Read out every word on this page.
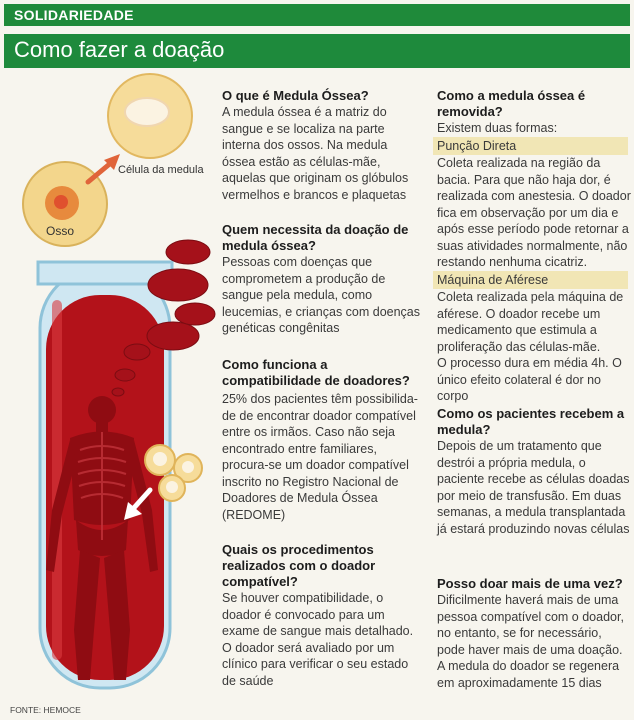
SOLIDARIEDADE
Como fazer a doação
Célula da medula
Osso
O que é Medula Óssea?
A medula óssea é a matriz do sangue e se localiza na parte interna dos ossos. Na medula óssea estão as células-mãe, aquelas que originam os glóbulos vermelhos e brancos e plaquetas
Quem necessita da doação de medula óssea?
Pessoas com doenças que comprometem a produção de sangue pela medula, como leucemias, e crianças com doenças genéticas congênitas
Como funciona a compatibilidade de doadores?
25% dos pacientes têm possibilida-de de encontrar doador compatível entre os irmãos. Caso não seja encontrado entre familiares, procura-se um doador compatível inscrito no Registro Nacional de Doadores de Medula Óssea (REDOME)
Quais os procedimentos realizados com o doador compatível?
Se houver compatibilidade, o doador é convocado para um exame de sangue mais detalhado.
O doador será avaliado por um clínico para verificar o seu estado de saúde
Como a medula óssea é removida?
Existem duas formas:
Punção Direta
Coleta realizada na região da bacia. Para que não haja dor, é realizada com anestesia. O doador fica em observação por um dia e após esse período pode retornar a suas atividades normalmente, não restando nenhuma cicatriz.
Máquina de Aférese
Coleta realizada pela máquina de aférese. O doador recebe um medicamento que estimula a proliferação das células-mãe.
O processo dura em média 4h. O único efeito colateral é dor no corpo
Como os pacientes recebem a medula?
Depois de um tratamento que destrói a própria medula, o paciente recebe as células doadas por meio de transfusão. Em duas semanas, a medula transplantada já estará produzindo novas células
Posso doar mais de uma vez?
Dificilmente haverá mais de uma pessoa compatível com o doador, no entanto, se for necessário, pode haver mais de uma doação.
A medula do doador se regenera em aproximadamente 15 dias
FONTE: HEMOCE
